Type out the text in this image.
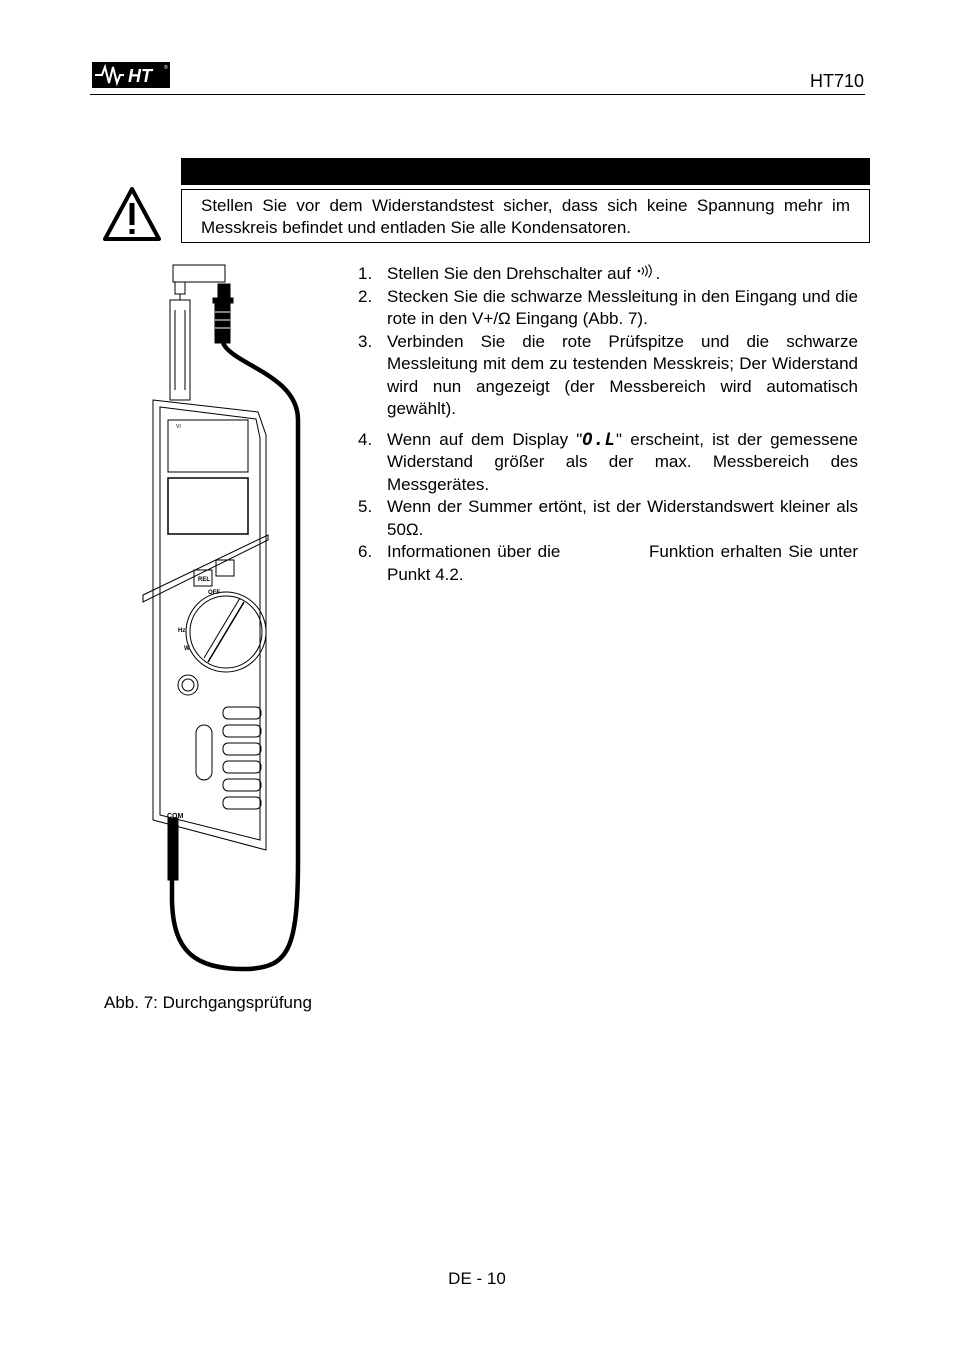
HT	®
HT710
Stellen Sie vor dem Widerstandstest sicher, dass sich keine Spannung mehr im Messkreis befindet und entladen Sie alle Kondensatoren.
1. Stellen Sie den Drehschalter auf .
2. Stecken Sie die schwarze Messleitung in den Eingang und die rote in den V+/Ω Eingang (Abb. 7).
3. Verbinden Sie die rote Prüfspitze und die schwarze Messleitung mit dem zu testenden Messkreis; Der Widerstand wird nun angezeigt (der Messbereich wird automatisch gewählt).
4. Wenn auf dem Display "O.L" erscheint, ist der gemessene Widerstand größer als der max. Messbereich des Messgerätes.
5. Wenn der Summer ertönt, ist der Widerstandswert kleiner als 50Ω.
6. Informationen über die	Funktion erhalten Sie unter Punkt 4.2.
VI
REL
OFF
Hz
W
COM
Abb. 7: Durchgangsprüfung
DE - 10
